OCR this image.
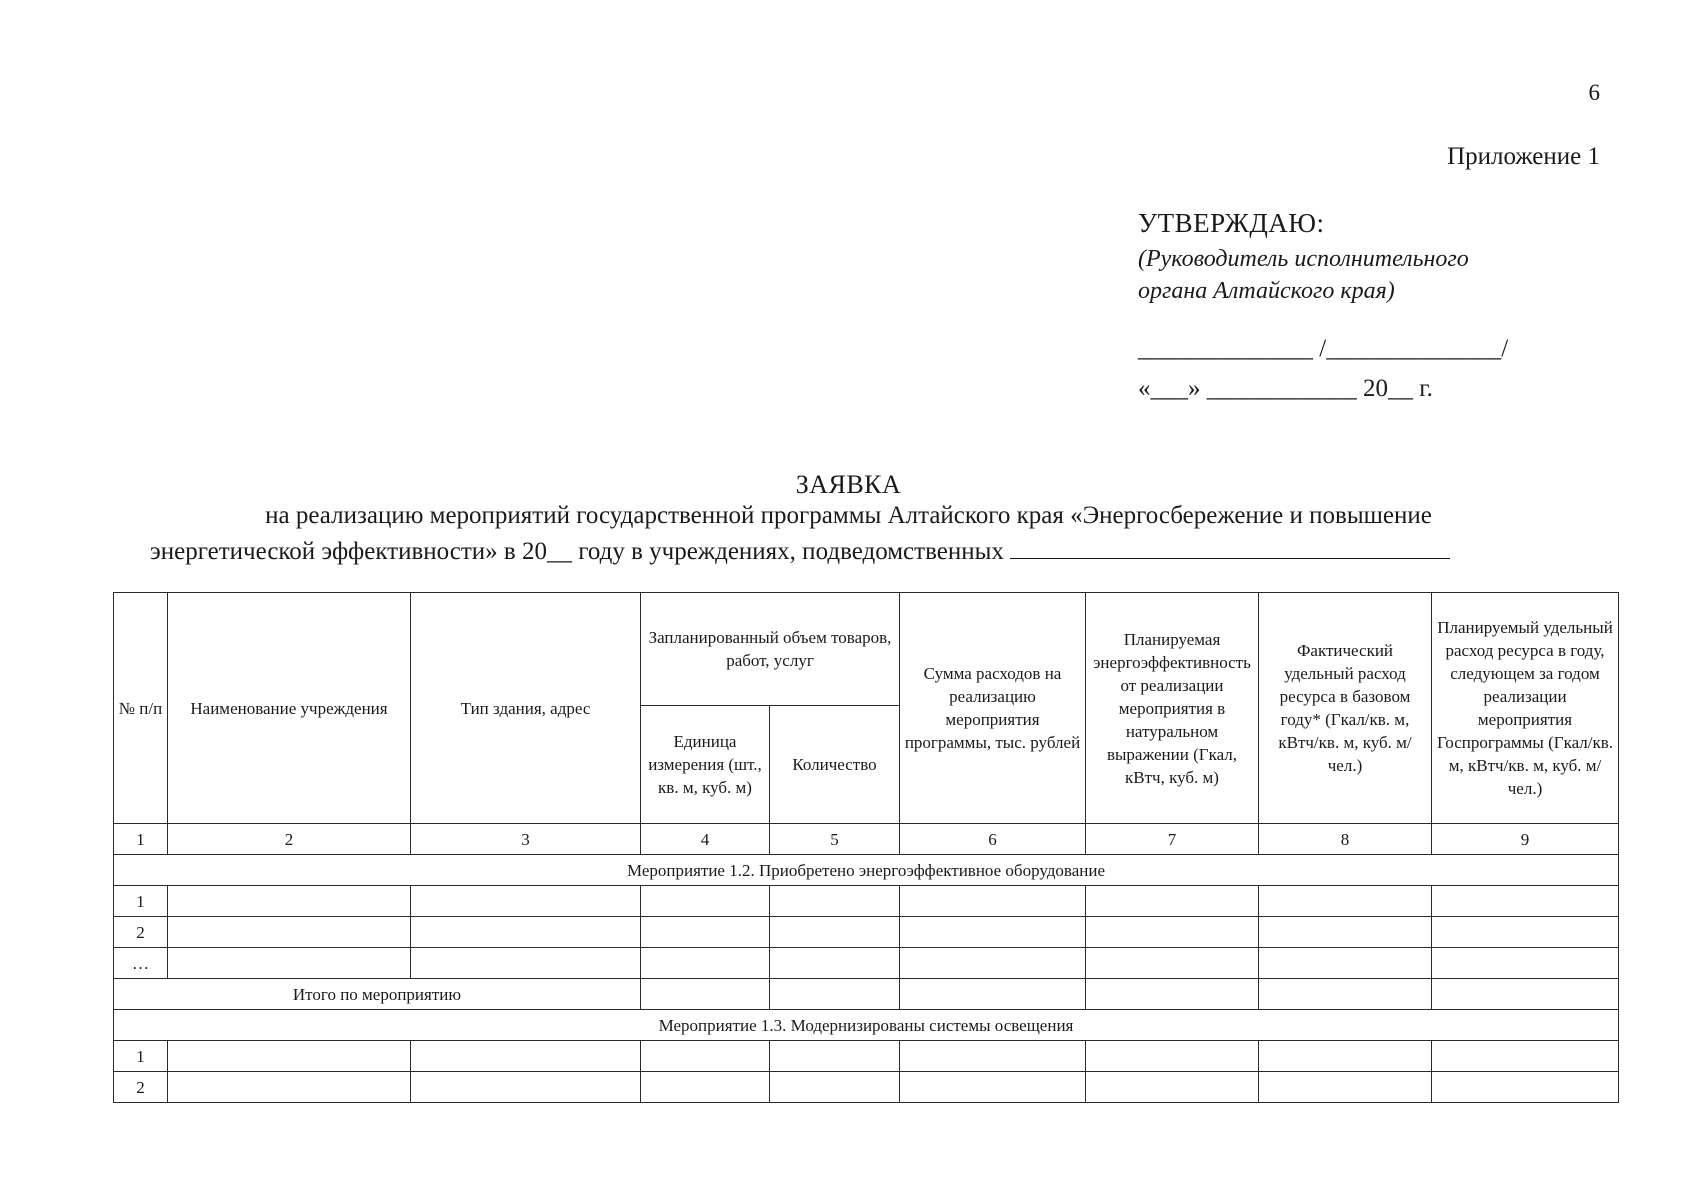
6
Приложение 1
УТВЕРЖДАЮ:
(Руководитель исполнительного
органа Алтайского края)
______________ /______________/
«___» ____________ 20__ г.
ЗАЯВКА
на реализацию мероприятий государственной программы Алтайского края «Энергосбережение и повышение
энергетической эффективности» в 20__ году в учреждениях, подведомственных
№ п/п	Наименование учреждения	Тип здания, адрес	Запланированный объем товаров, работ, услуг		Сумма расходов на реализацию мероприятия программы, тыс. рублей	Планируемая энергоэффективность от реализации мероприятия в натуральном выражении (Гкал, кВтч, куб. м)	Фактический удельный расход ресурса в базовом году* (Гкал/кв. м, кВтч/кв. м, куб. м/ чел.)	Планируемый удельный расход ресурса в году, следующем за годом реализации мероприятия Госпрограммы (Гкал/кв. м, кВтч/кв. м, куб. м/ чел.)
			Единица измерения (шт., кв. м, куб. м)	Количество				
1	2	3	4	5	6	7	8	9
Мероприятие 1.2. Приобретено энергоэффективное оборудование								
1								
2								
…								
Итого по мероприятию								
Мероприятие 1.3. Модернизированы системы освещения								
1								
2								
